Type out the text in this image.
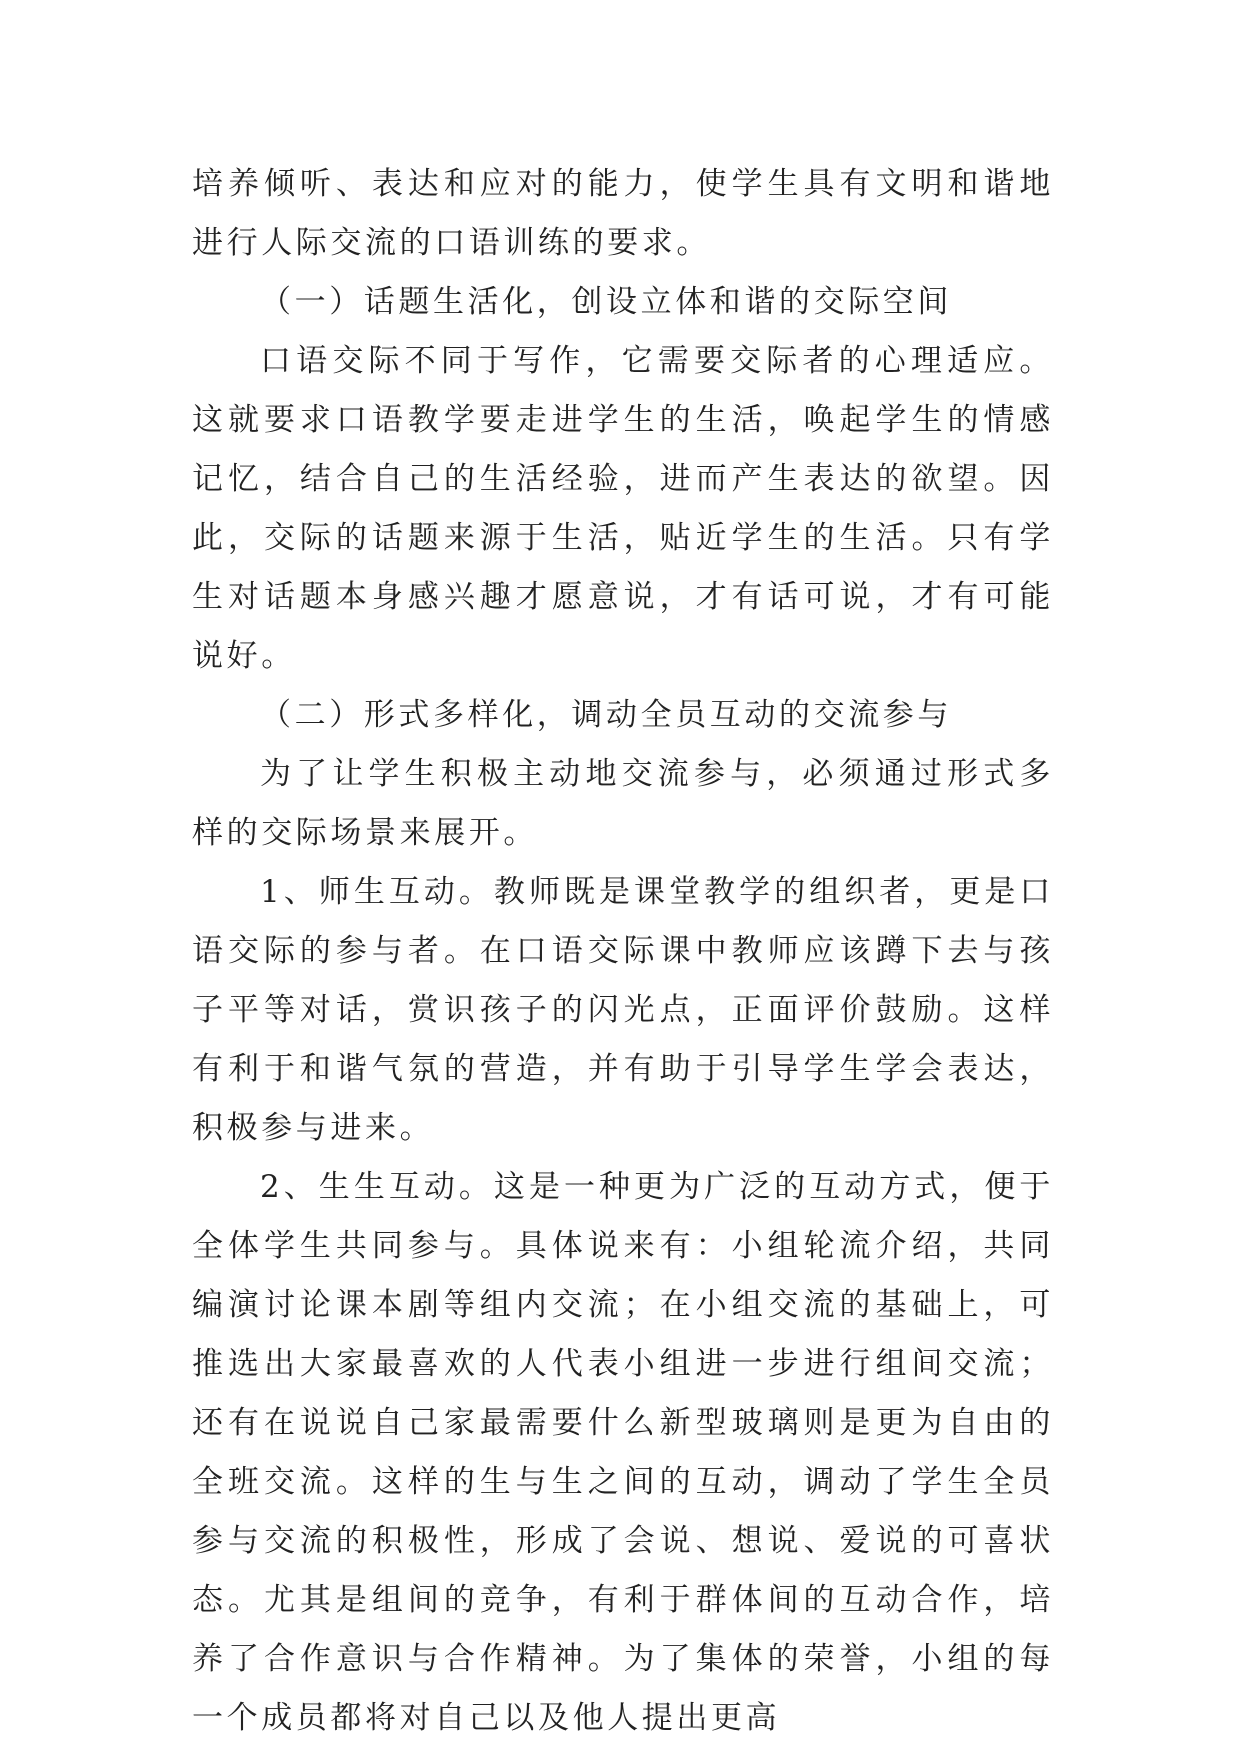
培养倾听、表达和应对的能力，使学生具有文明和谐地进行人际交流的口语训练的要求。

（一）话题生活化，创设立体和谐的交际空间

口语交际不同于写作，它需要交际者的心理适应。这就要求口语教学要走进学生的生活，唤起学生的情感记忆，结合自己的生活经验，进而产生表达的欲望。因此，交际的话题来源于生活，贴近学生的生活。只有学生对话题本身感兴趣才愿意说，才有话可说，才有可能说好。

（二）形式多样化，调动全员互动的交流参与

为了让学生积极主动地交流参与，必须通过形式多样的交际场景来展开。

1、师生互动。教师既是课堂教学的组织者，更是口语交际的参与者。在口语交际课中教师应该蹲下去与孩子平等对话，赏识孩子的闪光点，正面评价鼓励。这样有利于和谐气氛的营造，并有助于引导学生学会表达，积极参与进来。

2、生生互动。这是一种更为广泛的互动方式，便于全体学生共同参与。具体说来有：小组轮流介绍，共同编演讨论课本剧等组内交流；在小组交流的基础上，可推选出大家最喜欢的人代表小组进一步进行组间交流；还有在说说自己家最需要什么新型玻璃则是更为自由的全班交流。这样的生与生之间的互动，调动了学生全员参与交流的积极性，形成了会说、想说、爱说的可喜状态。尤其是组间的竞争，有利于群体间的互动合作，培养了合作意识与合作精神。为了集体的荣誉，小组的每一个成员都将对自己以及他人提出更高
